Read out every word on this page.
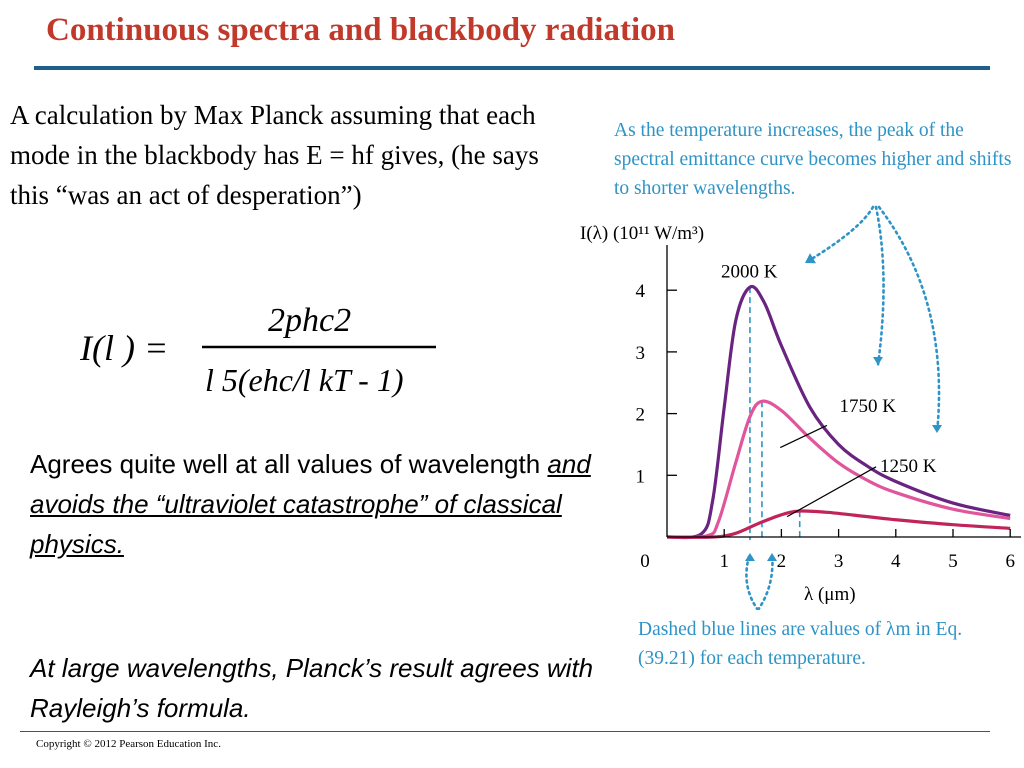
Continuous spectra and blackbody radiation
A calculation by Max Planck assuming that each mode in the blackbody has E = hf gives, (he says this “was an act of desperation”)
I(l ) =
2phc2
l 5(ehc/l kT - 1)
Agrees quite well at all values of wavelength and avoids the “ultraviolet catastrophe” of classical physics.
At large wavelengths, Planck’s result agrees with Rayleigh’s formula.
As the temperature increases, the peak of the spectral emittance curve becomes higher and shifts to shorter wavelengths.
I(λ) (10¹¹ W/m³)
λ (μm)
0	1	2	3	4	5	6
1
2
3
4
2000 K
1750 K
1250 K
Dashed blue lines are values of λm in Eq. (39.21) for each temperature.
Copyright © 2012 Pearson Education Inc.
